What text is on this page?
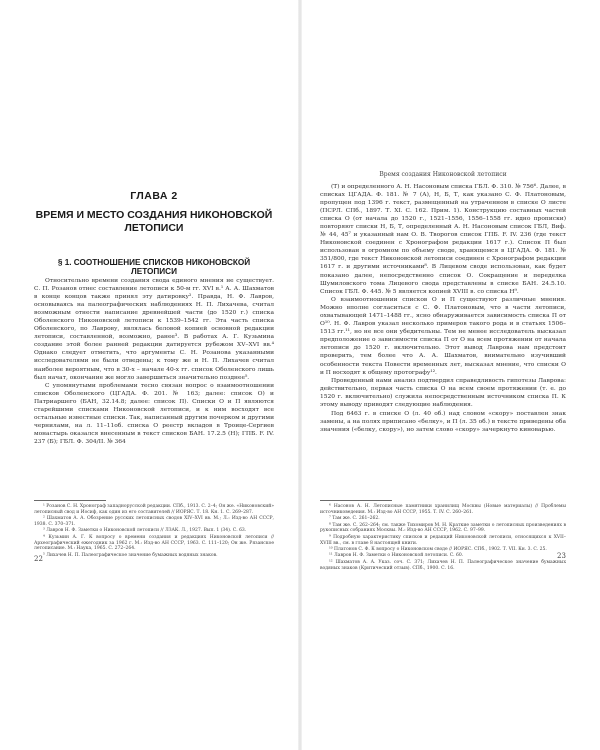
ГЛАВА 2
ВРЕМЯ И МЕСТО СОЗДАНИЯ НИКОНОВСКОЙ ЛЕТОПИСИ
§ 1. СООТНОШЕНИЕ СПИСКОВ НИКОНОВСКОЙ ЛЕТОПИСИ

Относительно времени создания свода единого мнения не существует. С. П. Розанов отнес составление летописи к 50-м гг. XVI в.¹ А. А. Шахматов в конце концов также принял эту датировку². Правда, Н. Ф. Лавров, основываясь на палеографических наблюдениях Н. П. Лихачева, считал возможным отнести написание древнейшей части (до 1520 г.) списка Оболенского Никоновской летописи к 1539–1542 гг. Эта часть списка Оболенского, по Лаврову, являлась беловой копией основной редакции летописи, составленной, возможно, ранее³. В работах А. Г. Кузьмина создание этой более ранней редакции датируется рубежом XV–XVI вв.⁴ Однако следует отметить, что аргументы С. Н. Розанова указанными исследователями не были отведены; к тому же и Н. П. Лихачев считал наиболее вероятным, что в 30-х – начале 40-х гг. список Оболенского лишь был начат, окончание же могло завершиться значительно позднее⁵.

С упомянутыми проблемами тесно связан вопрос о взаимоотношении списков Оболенского (ЦГАДА. Ф. 201. № 163; далее: список О) и Патриаршего (БАН, 32.14.8; далее: список П). Списки О и П являются старейшими списками Никоновской летописи, и к ним восходят все остальные известные списки. Так, написанный другим почерком и другими чернилами, на л. 11–11об. списка О реестр вкладов в Троице-Сергиев монастырь оказался внесенным в текст списков БАН. 17.2.5 (Н); ГПБ. F. IV. 237 (Б); ГБЛ. Ф. 304/II. № 364

¹ Розанов С. Н. Хронограф западнорусской редакции. СПб., 1913. С. 2–4; Он же. «Никоновский» летописный свод и Иосиф, как один из его составителей // ИОРЯС. Т. 18. Кн. 1. С. 269–287.

² Шахматов А. А. Обозрение русских летописных сводов XIV–XVI вв. М.; Л.: Изд-во АН СССР, 1938. С. 370–371.

³ Лавров Н. Ф. Заметки о Никоновской летописи // ЛЗАК. Л., 1927. Вып. 1 (34). С. 63.

⁴ Кузьмин А. Г. К вопросу о времени создания и редакциях Никоновской летописи // Археографический ежегодник за 1962 г. М.: Изд-во АН СССР, 1963. С. 111–120; Он же. Рязанское летописание. М.: Наука, 1965. С. 272–264.

⁵ Лихачев Н. П. Палеографическое значение бумажных водяных знаков.

22
Время создания Никоновской летописи

(Т) и определенного А. Н. Насоновым списка ГБЛ. Ф. 310. № 756⁶. Далее, в списках ЦГАДА. Ф. 181. № 7 (А), Н, Б, Т, как указано С. Ф. Платоновым, пропущен под 1396 г. текст, размещенный на утраченном в списке О листе (ПСРЛ. СПб., 1897. Т. XI. С. 162. Прим. 1). Конструкцию составных частей списка О (от начала до 1520 г., 1521–1556, 1556–1558 гг. идно прописки) повторяют списки Н, Б, Т, определенный А. Н. Насоновым список ГБЛ, Виф. № 44, 45⁷ и указанный нам О. В. Творогов список ГПБ. F. IV. 236 (где текст Никоновской соединен с Хронографом редакции 1617 г.). Список П был использован в огромном по объему своде, хранящемся в ЦГАДА. Ф. 181. № 351/800, где текст Никоновской летописи соединен с Хронографом редакции 1617 г. и другими источниками⁸. В Лицевом своде использован, как будет показано далее, непосредственно список О. Сокращение и переделка Шумиловского тома Лицевого свода представлены в списке БАН. 24.5.10. Список ГБЛ. Ф. 445. № 5 является копией XVIII в. со списка Н⁹.

О взаимоотношении списков О и П существуют различные мнения. Можно вполне согласиться с С. Ф. Платоновым, что в части летописи, охватывающей 1471–1488 гг., ясно обнаруживается зависимость списка П от О¹⁰. Н. Ф. Лавров указал несколько примеров такого рода и в статьях 1506–1513 гг.¹¹, но не все они убедительны. Тем не менее исследователь высказал предположение о зависимости списка П от О на всем протяжении от начала летописи до 1520 г. включительно. Этот вывод Лаврова нам предстоит проверить, тем более что А. А. Шахматов, внимательно изучивший особенности текста Повести временных лет, высказал мнение, что списки О и П восходят к общему протографу¹².

Проведенный нами анализ подтвердил справедливость гипотезы Лаврова: действительно, первая часть списка О на всем своем протяжении (т. е. до 1520 г. включительно) служила непосредственным источником списка П. К этому выводу приводят следующие наблюдения.

Под 6463 г. в списке О (л. 40 об.) над словом «скору» поставлен знак замены, а на полях приписано «белку», и П (л. 35 об.) в тексте приведены оба значения («белку, скору»), но затем слово «скору» зачеркнуто киноварью.

⁶ Насонов А. Н. Летописные памятники хранилищ Москвы (Новые материалы) // Проблемы источниковедения. М.: Изд-во АН СССР, 1955. Т. IV. С. 260–261.

⁷ Там же. С. 261–262.

⁸ Там же. С. 262–264; см. также Тихомиров М. Н. Краткие заметки о летописных произведениях в рукописных собраниях Москвы. М.: Изд-во АН СССР, 1962. С. 97–99.

⁹ Подробную характеристику списков и редакций Никоновской летописи, относящихся к XVII–XVIII вв., см. в главе 8 настоящей книги.

¹⁰ Платонов С. Ф. К вопросу о Никоновском своде // ИОРЯС. СПб., 1902. Т. VII. Кн. 3. С. 25.

¹¹ Лавров Н. Ф. Заметки о Никоновской летописи. С. 60.

¹² Шахматов А. А. Указ. соч. С. 371; Лихачев Н. П. Палеографическое значение бумажных водяных знаков (Критический отзыв). СПб., 1900. С. 16.

23
